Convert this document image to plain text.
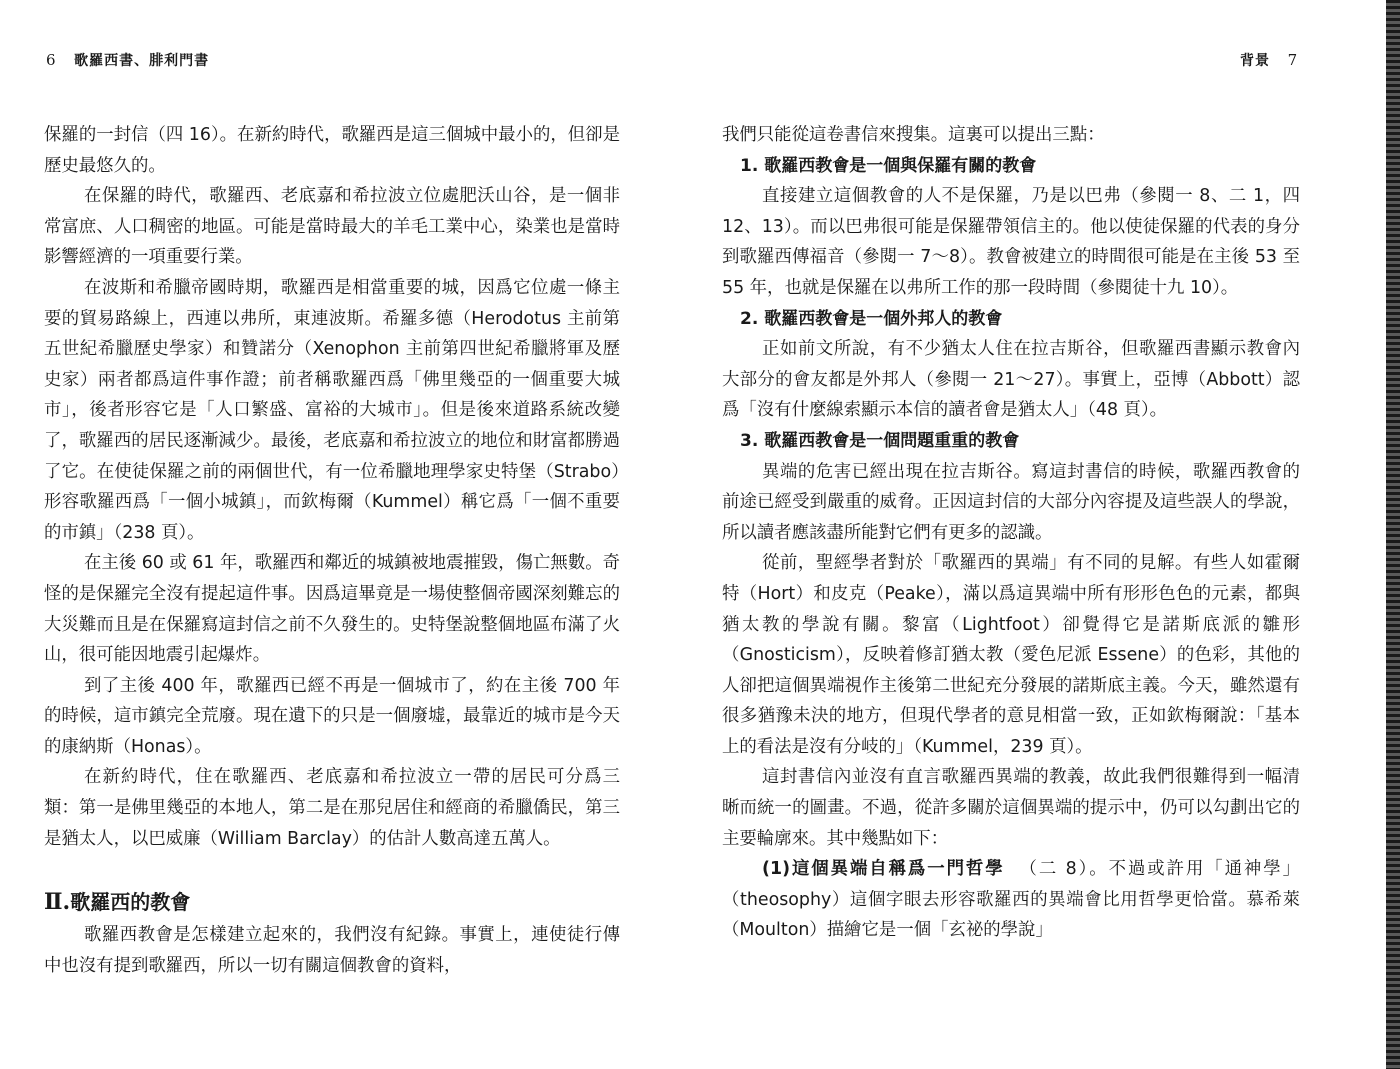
6 歌羅西書、腓利門書

保羅的一封信（四 16）。在新約時代，歌羅西是這三個城中最小的，但卻是歷史最悠久的。

在保羅的時代，歌羅西、老底嘉和希拉波立位處肥沃山谷，是一個非常富庶、人口稠密的地區。可能是當時最大的羊毛工業中心，染業也是當時影響經濟的一項重要行業。

在波斯和希臘帝國時期，歌羅西是相當重要的城，因爲它位處一條主要的貿易路線上，西連以弗所，東連波斯。希羅多德（Herodotus 主前第五世紀希臘歷史學家）和贊諾分（Xenophon 主前第四世紀希臘將軍及歷史家）兩者都爲這件事作證；前者稱歌羅西爲「佛里幾亞的一個重要大城市」，後者形容它是「人口繁盛、富裕的大城市」。但是後來道路系統改變了，歌羅西的居民逐漸減少。最後，老底嘉和希拉波立的地位和財富都勝過了它。在使徒保羅之前的兩個世代，有一位希臘地理學家史特堡（Strabo）形容歌羅西爲「一個小城鎮」，而欽梅爾（Kummel）稱它爲「一個不重要的市鎮」（238 頁）。

在主後 60 或 61 年，歌羅西和鄰近的城鎮被地震摧毀，傷亡無數。奇怪的是保羅完全沒有提起這件事。因爲這畢竟是一場使整個帝國深刻難忘的大災難而且是在保羅寫這封信之前不久發生的。史特堡說整個地區布滿了火山，很可能因地震引起爆炸。

到了主後 400 年，歌羅西已經不再是一個城市了，約在主後 700 年的時候，這市鎮完全荒廢。現在遺下的只是一個廢墟，最靠近的城市是今天的康納斯（Honas）。

在新約時代，住在歌羅西、老底嘉和希拉波立一帶的居民可分爲三類：第一是佛里幾亞的本地人，第二是在那兒居住和經商的希臘僑民，第三是猶太人，以巴威廉（William Barclay）的估計人數高達五萬人。

Ⅱ.歌羅西的教會

歌羅西教會是怎樣建立起來的，我們沒有紀錄。事實上，連使徒行傳中也沒有提到歌羅西，所以一切有關這個教會的資料，

背景 7

我們只能從這卷書信來搜集。這裏可以提出三點：

1. 歌羅西教會是一個與保羅有關的教會

直接建立這個教會的人不是保羅，乃是以巴弗（參閱一 8、二 1，四 12、13）。而以巴弗很可能是保羅帶領信主的。他以使徒保羅的代表的身分到歌羅西傳福音（參閱一 7～8）。教會被建立的時間很可能是在主後 53 至 55 年，也就是保羅在以弗所工作的那一段時間（參閱徒十九 10）。

2. 歌羅西教會是一個外邦人的教會

正如前文所說，有不少猶太人住在拉吉斯谷，但歌羅西書顯示教會內大部分的會友都是外邦人（參閱一 21～27）。事實上，亞博（Abbott）認爲「沒有什麼線索顯示本信的讀者會是猶太人」（48 頁）。

3. 歌羅西教會是一個問題重重的教會

異端的危害已經出現在拉吉斯谷。寫這封書信的時候，歌羅西教會的前途已經受到嚴重的威脅。正因這封信的大部分內容提及這些誤人的學說，所以讀者應該盡所能對它們有更多的認識。

從前，聖經學者對於「歌羅西的異端」有不同的見解。有些人如霍爾特（Hort）和皮克（Peake），滿以爲這異端中所有形形色色的元素，都與猶太教的學說有關。黎富（Lightfoot）卻覺得它是諾斯底派的雛形（Gnosticism），反映着修訂猶太教（愛色尼派 Essene）的色彩，其他的人卻把這個異端視作主後第二世紀充分發展的諾斯底主義。今天，雖然還有很多猶豫未決的地方，但現代學者的意見相當一致，正如欽梅爾說：「基本上的看法是沒有分岐的」（Kummel，239 頁）。

這封書信內並沒有直言歌羅西異端的教義，故此我們很難得到一幅清晰而統一的圖畫。不過，從許多關於這個異端的提示中，仍可以勾劃出它的主要輪廓來。其中幾點如下：

(1)這個異端自稱爲一門哲學 （二 8）。不過或許用「通神學」（theosophy）這個字眼去形容歌羅西的異端會比用哲學更恰當。慕希萊（Moulton）描繪它是一個「玄祕的學說」
